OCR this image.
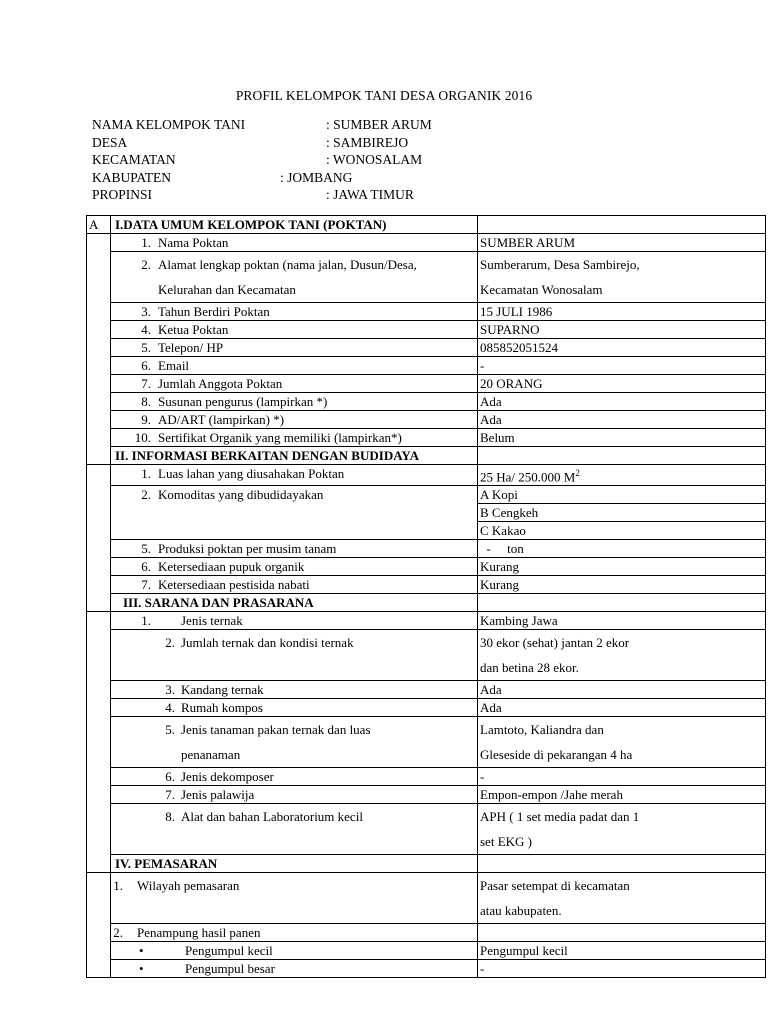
PROFIL KELOMPOK TANI DESA ORGANIK 2016
NAMA KELOMPOK TANI	: SUMBER ARUM
DESA	: SAMBIREJO
KECAMATAN	: WONOSALAM
KABUPATEN	: JOMBANG
PROPINSI	: JAWA TIMUR
A	I.DATA UMUM KELOMPOK TANI (POKTAN)	

	1. Nama Poktan	SUMBER ARUM

	2. Alamat lengkap poktan (nama jalan, Dusun/Desa,
Kelurahan dan Kecamatan	Sumberarum, Desa Sambirejo,
Kecamatan Wonosalam

	3. Tahun Berdiri Poktan	15 JULI 1986

	4. Ketua Poktan	SUPARNO

	5. Telepon/ HP	085852051524

	6. Email	-

	7. Jumlah Anggota Poktan	20 ORANG

	8. Susunan pengurus (lampirkan *)	Ada

	9. AD/ART (lampirkan) *)	Ada

	10. Sertifikat Organik yang memiliki (lampirkan*)	Belum
	II. INFORMASI BERKAITAN DENGAN BUDIDAYA	

	1. Luas lahan yang diusahakan Poktan	25 Ha/ 250.000 $M^2$

	2. Komoditas yang dibudidayakan	A Kopi
		B Cengkeh
		C Kakao

	5. Produksi poktan per musim tanam	-     ton

	6. Ketersediaan pupuk organik	Kurang

	7. Ketersediaan pestisida nabati	Kurang
	III. SARANA DAN PRASARANA	

	1. Jenis ternak	Kambing Jawa

	2. Jumlah ternak dan kondisi ternak	30 ekor (sehat) jantan 2 ekor
dan betina 28 ekor.

	3. Kandang ternak	Ada

	4. Rumah kompos	Ada

	5. Jenis tanaman pakan ternak dan luas
penanaman	Lamtoto, Kaliandra dan
Gleseside di pekarangan 4 ha

	6. Jenis dekomposer	-

	7. Jenis palawija	Empon-empon /Jahe merah

	8. Alat dan bahan Laboratorium kecil	APH ( 1 set media padat dan 1
set EKG )

	IV. PEMASARAN	

	1. Wilayah pemasaran	Pasar setempat di kecamatan
atau kabupaten.

	2. Penampung hasil panen	

	• Pengumpul kecil	Pengumpul kecil

	• Pengumpul besar	-
